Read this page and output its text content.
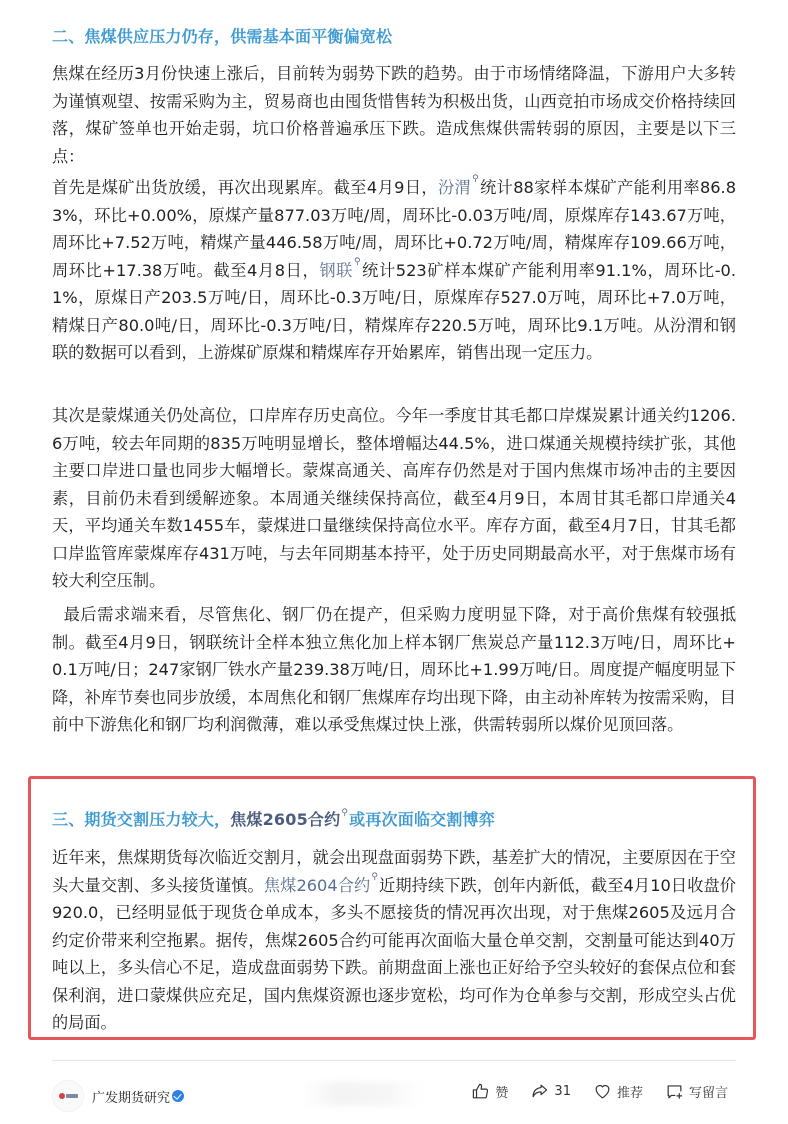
二、焦煤供应压力仍存，供需基本面平衡偏宽松

焦煤在经历3月份快速上涨后，目前转为弱势下跌的趋势。由于市场情绪降温，下游用户大多转为谨慎观望、按需采购为主，贸易商也由囤货惜售转为积极出货，山西竞拍市场成交价格持续回落，煤矿签单也开始走弱，坑口价格普遍承压下跌。造成焦煤供需转弱的原因，主要是以下三点：

首先是煤矿出货放缓，再次出现累库。截至4月9日，汾渭⚲统计88家样本煤矿产能利用率86.83%，环比+0.00%，原煤产量877.03万吨/周，周环比-0.03万吨/周，原煤库存143.67万吨，周环比+7.52万吨，精煤产量446.58万吨/周，周环比+0.72万吨/周，精煤库存109.66万吨，周环比+17.38万吨。截至4月8日，钢联⚲统计523矿样本煤矿产能利用率91.1%，周环比-0.1%，原煤日产203.5万吨/日，周环比-0.3万吨/日，原煤库存527.0万吨，周环比+7.0万吨，精煤日产80.0吨/日，周环比-0.3万吨/日，精煤库存220.5万吨，周环比9.1万吨。从汾渭和钢联的数据可以看到，上游煤矿原煤和精煤库存开始累库，销售出现一定压力。

其次是蒙煤通关仍处高位，口岸库存历史高位。今年一季度甘其毛都口岸煤炭累计通关约1206.6万吨，较去年同期的835万吨明显增长，整体增幅达44.5%，进口煤通关规模持续扩张，其他主要口岸进口量也同步大幅增长。蒙煤高通关、高库存仍然是对于国内焦煤市场冲击的主要因素，目前仍未看到缓解迹象。本周通关继续保持高位，截至4月9日，本周甘其毛都口岸通关4天，平均通关车数1455车，蒙煤进口量继续保持高位水平。库存方面，截至4月7日，甘其毛都口岸监管库蒙煤库存431万吨，与去年同期基本持平，处于历史同期最高水平，对于焦煤市场有较大利空压制。

最后需求端来看，尽管焦化、钢厂仍在提产，但采购力度明显下降，对于高价焦煤有较强抵制。截至4月9日，钢联统计全样本独立焦化加上样本钢厂焦炭总产量112.3万吨/日，周环比+0.1万吨/日；247家钢厂铁水产量239.38万吨/日，周环比+1.99万吨/日。周度提产幅度明显下降，补库节奏也同步放缓，本周焦化和钢厂焦煤库存均出现下降，由主动补库转为按需采购，目前中下游焦化和钢厂均利润微薄，难以承受焦煤过快上涨，供需转弱所以煤价见顶回落。

三、期货交割压力较大，焦煤2605合约⚲或再次面临交割博弈

近年来，焦煤期货每次临近交割月，就会出现盘面弱势下跌，基差扩大的情况，主要原因在于空头大量交割、多头接货谨慎。焦煤2604合约⚲近期持续下跌，创年内新低，截至4月10日收盘价920.0，已经明显低于现货仓单成本，多头不愿接货的情况再次出现，对于焦煤2605及远月合约定价带来利空拖累。据传，焦煤2605合约可能再次面临大量仓单交割，交割量可能达到40万吨以上，多头信心不足，造成盘面弱势下跌。前期盘面上涨也正好给予空头较好的套保点位和套保利润，进口蒙煤供应充足，国内焦煤资源也逐步宽松，均可作为仓单参与交割，形成空头占优的局面。

广发期货研究	赞	31	推荐	写留言
